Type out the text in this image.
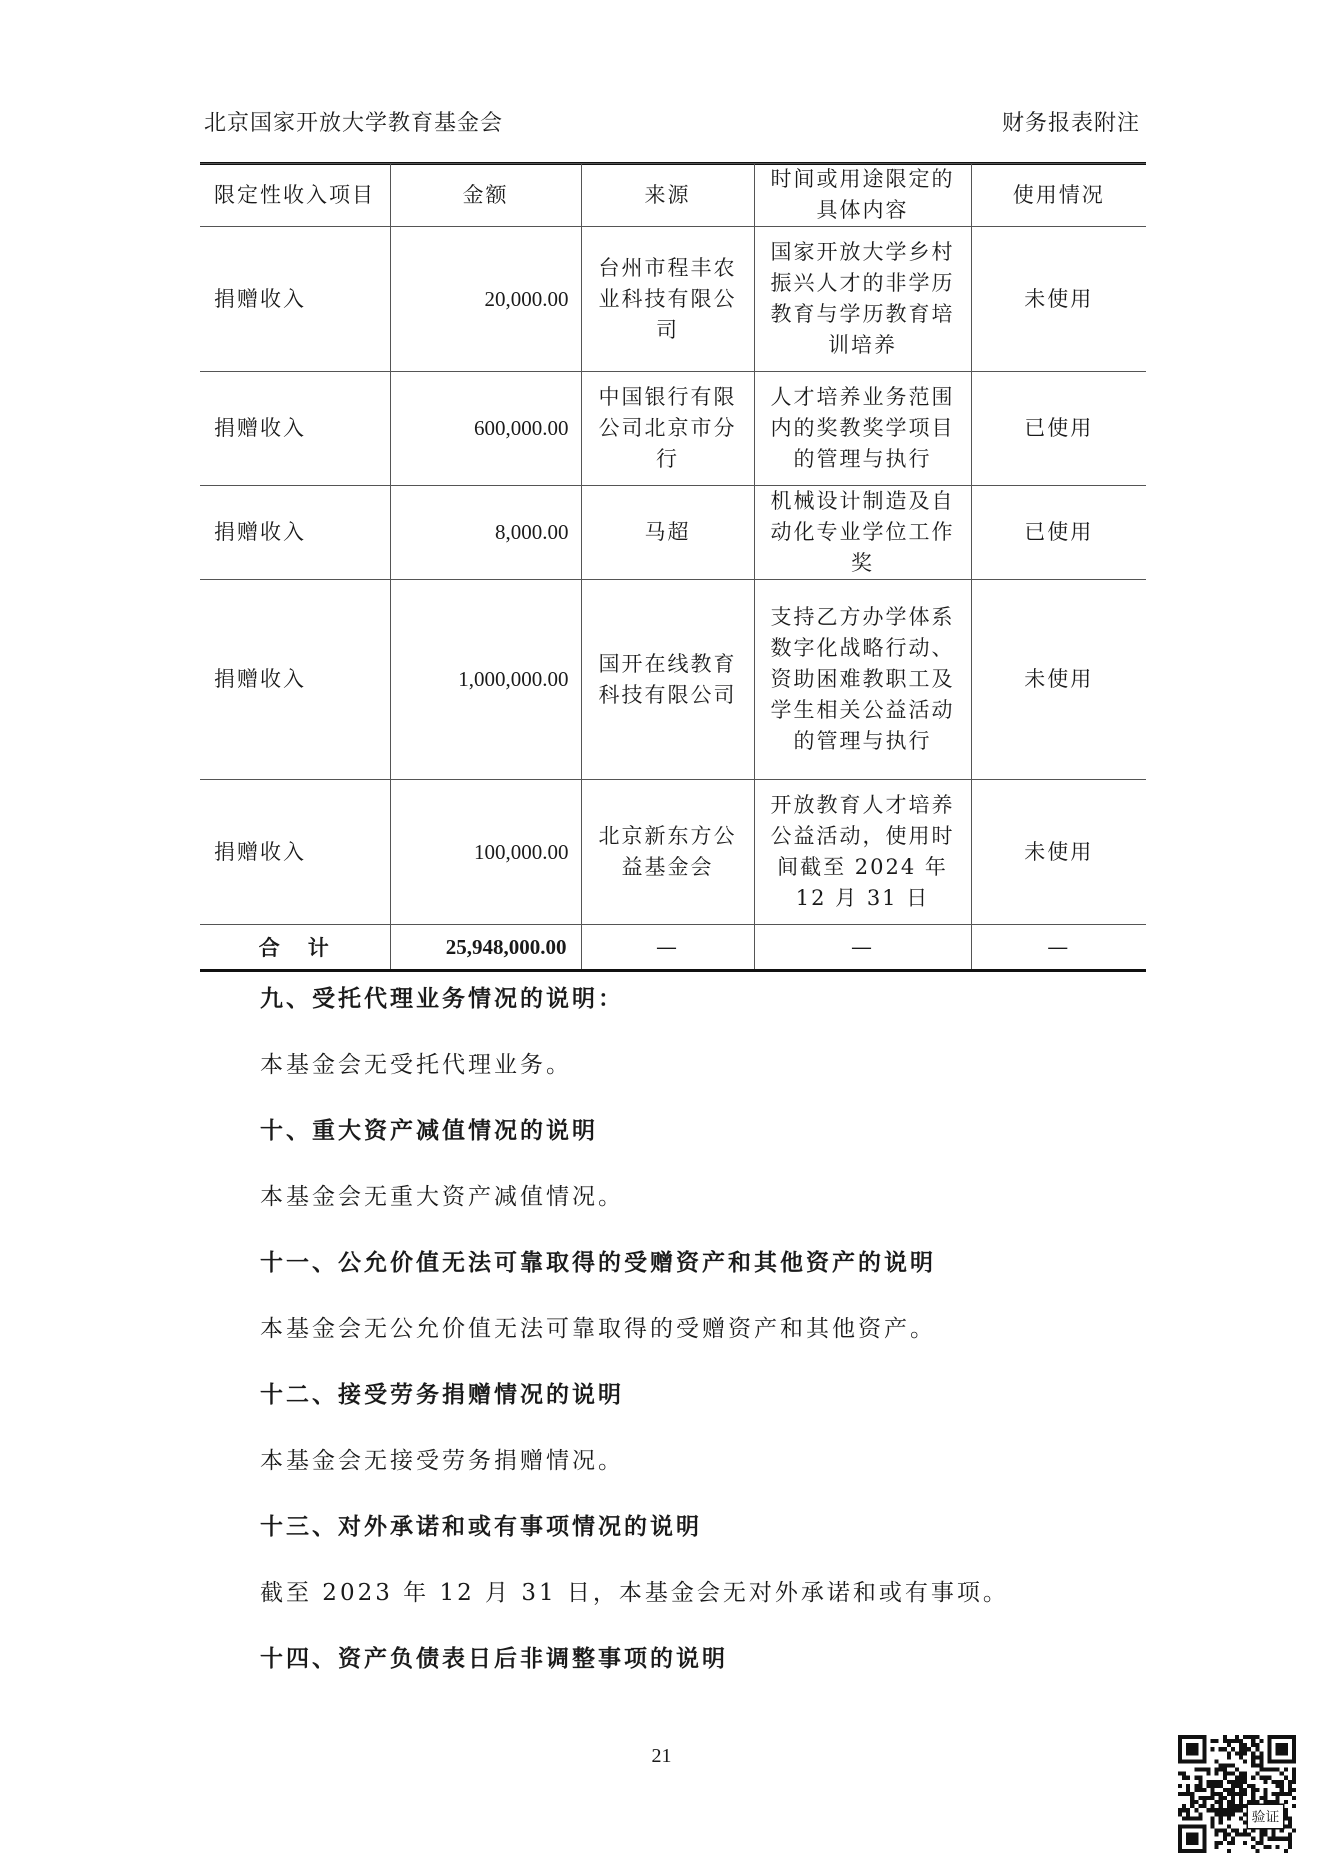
北京国家开放大学教育基金会	财务报表附注
限定性收入项目	金额	来源	时间或用途限定的具体内容	使用情况
捐赠收入	20,000.00	台州市程丰农业科技有限公司	国家开放大学乡村振兴人才的非学历教育与学历教育培训培养	未使用
捐赠收入	600,000.00	中国银行有限公司北京市分行	人才培养业务范围内的奖教奖学项目的管理与执行	已使用
捐赠收入	8,000.00	马超	机械设计制造及自动化专业学位工作奖	已使用
捐赠收入	1,000,000.00	国开在线教育科技有限公司	支持乙方办学体系数字化战略行动、资助困难教职工及学生相关公益活动的管理与执行	未使用
捐赠收入	100,000.00	北京新东方公益基金会	开放教育人才培养公益活动，使用时间截至 2024 年 12 月 31 日	未使用
合计	25,948,000.00	—	—	—
九、受托代理业务情况的说明：
本基金会无受托代理业务。
十、重大资产减值情况的说明
本基金会无重大资产减值情况。
十一、公允价值无法可靠取得的受赠资产和其他资产的说明
本基金会无公允价值无法可靠取得的受赠资产和其他资产。
十二、接受劳务捐赠情况的说明
本基金会无接受劳务捐赠情况。
十三、对外承诺和或有事项情况的说明
截至 2023 年 12 月 31 日，本基金会无对外承诺和或有事项。
十四、资产负债表日后非调整事项的说明
21
验证
